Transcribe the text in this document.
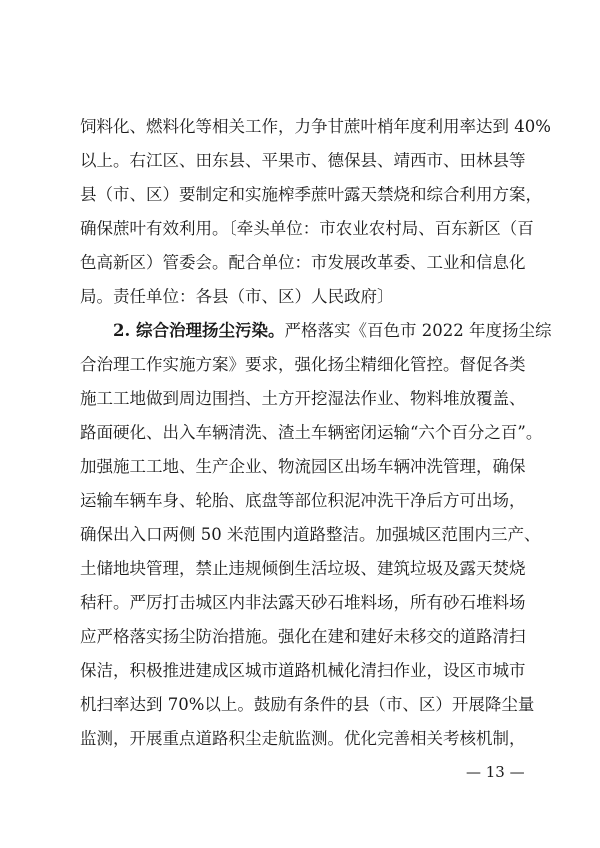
饲料化、燃料化等相关工作，力争甘蔗叶梢年度利用率达到 40%
以上。右江区、田东县、平果市、德保县、靖西市、田林县等
县（市、区）要制定和实施榨季蔗叶露天禁烧和综合利用方案，
确保蔗叶有效利用。〔牵头单位：市农业农村局、百东新区（百
色高新区）管委会。配合单位：市发展改革委、工业和信息化
局。责任单位：各县（市、区）人民政府〕
2. 综合治理扬尘污染。严格落实《百色市 2022 年度扬尘综
合治理工作实施方案》要求，强化扬尘精细化管控。督促各类
施工工地做到周边围挡、土方开挖湿法作业、物料堆放覆盖、
路面硬化、出入车辆清洗、渣土车辆密闭运输“六个百分之百”。
加强施工工地、生产企业、物流园区出场车辆冲洗管理，确保
运输车辆车身、轮胎、底盘等部位积泥冲洗干净后方可出场，
确保出入口两侧 50 米范围内道路整洁。加强城区范围内三产、
土储地块管理，禁止违规倾倒生活垃圾、建筑垃圾及露天焚烧
秸秆。严厉打击城区内非法露天砂石堆料场，所有砂石堆料场
应严格落实扬尘防治措施。强化在建和建好未移交的道路清扫
保洁，积极推进建成区城市道路机械化清扫作业，设区市城市
机扫率达到 70%以上。鼓励有条件的县（市、区）开展降尘量
监测，开展重点道路积尘走航监测。优化完善相关考核机制，
— 13 —
